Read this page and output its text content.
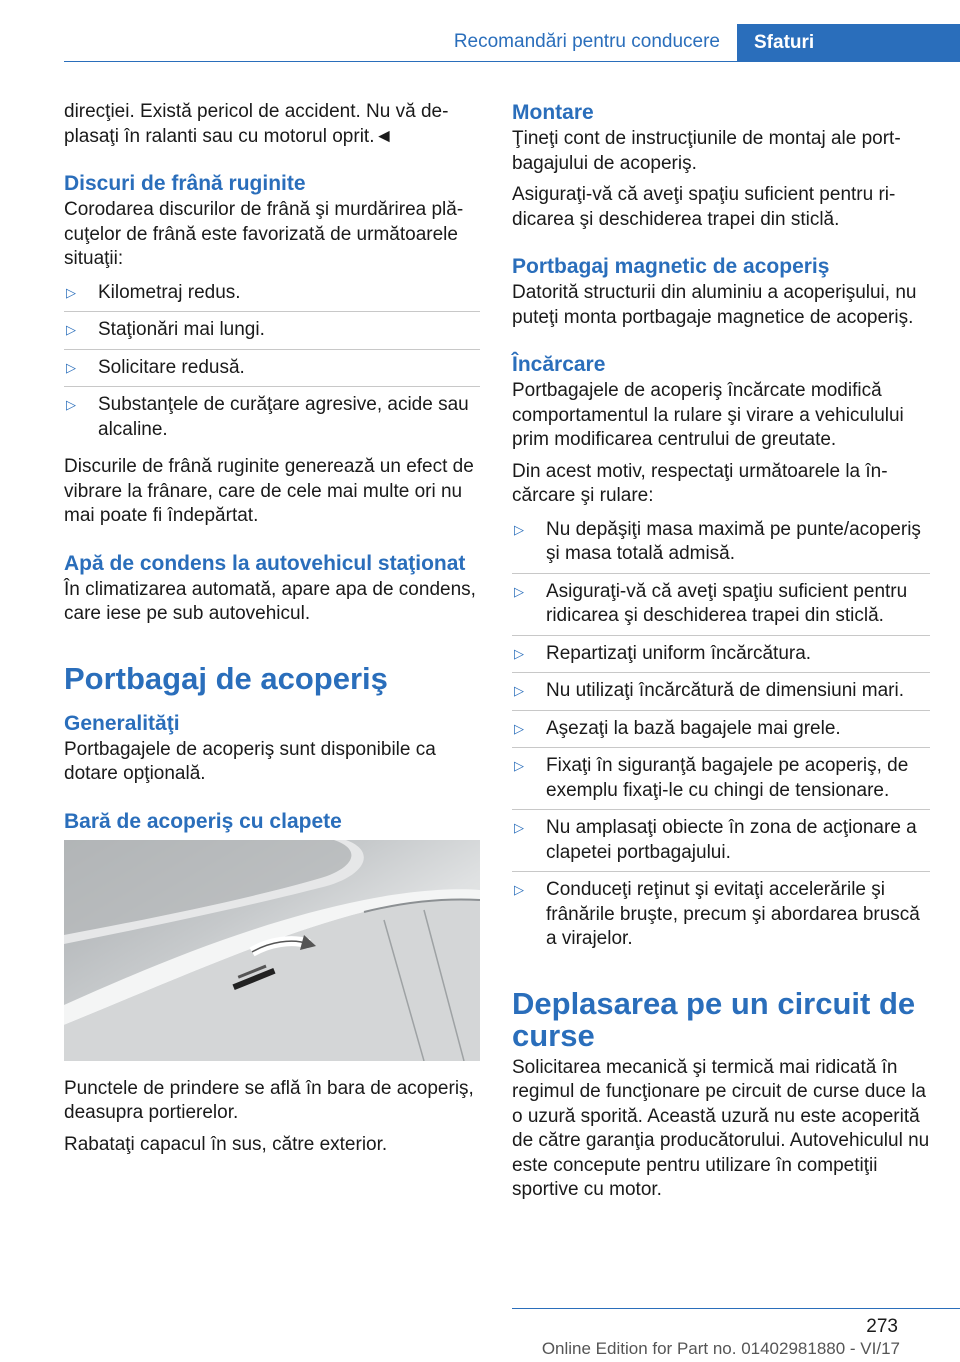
Recomandări pentru conducere	Sfaturi

direcţiei. Există pericol de accident. Nu vă deplasaţi în ralanti sau cu motorul oprit.◄

Discuri de frână ruginite

Corodarea discurilor de frână şi murdărirea plăcuţelor de frână este favorizată de următoarele situaţii:

▷ Kilometraj redus.
▷ Staţionări mai lungi.
▷ Solicitare redusă.
▷ Substanţele de curăţare agresive, acide sau alcaline.

Discurile de frână ruginite generează un efect de vibrare la frânare, care de cele mai multe ori nu mai poate fi îndepărtat.

Apă de condens la autovehicul staţionat

În climatizarea automată, apare apa de condens, care iese pe sub autovehicul.

Portbagaj de acoperiş
Generalităţi

Portbagajele de acoperiş sunt disponibile ca dotare opţională.

Bară de acoperiş cu clapete

Punctele de prindere se află în bara de acoperiş, deasupra portierelor.

Rabataţi capacul în sus, către exterior.

Montare

Ţineţi cont de instrucţiunile de montaj ale portbagajului de acoperiş.

Asiguraţi-vă că aveţi spaţiu suficient pentru ridicarea şi deschiderea trapei din sticlă.

Portbagaj magnetic de acoperiş

Datorită structurii din aluminiu a acoperişului, nu puteţi monta portbagaje magnetice de acoperiş.

Încărcare

Portbagajele de acoperiş încărcate modifică comportamentul la rulare şi virare a vehiculului prim modificarea centrului de greutate.

Din acest motiv, respectaţi următoarele la încărcare şi rulare:

▷ Nu depăşiţi masa maximă pe punte/acoperiş şi masa totală admisă.
▷ Asiguraţi-vă că aveţi spaţiu suficient pentru ridicarea şi deschiderea trapei din sticlă.
▷ Repartizaţi uniform încărcătura.
▷ Nu utilizaţi încărcătură de dimensiuni mari.
▷ Aşezaţi la bază bagajele mai grele.
▷ Fixaţi în siguranţă bagajele pe acoperiş, de exemplu fixaţi-le cu chingi de tensionare.
▷ Nu amplasaţi obiecte în zona de acţionare a clapetei portbagajului.
▷ Conduceţi reţinut şi evitaţi accelerările şi frânările bruşte, precum şi abordarea bruscă a virajelor.
Deplasarea pe un circuit de curse

Solicitarea mecanică şi termică mai ridicată în regimul de funcţionare pe circuit de curse duce la o uzură sporită. Această uzură nu este acoperită de către garanţia producătorului. Autovehiculul nu este concepute pentru utilizare în competiţii sportive cu motor.

273
Online Edition for Part no. 01402981880 - VI/17
